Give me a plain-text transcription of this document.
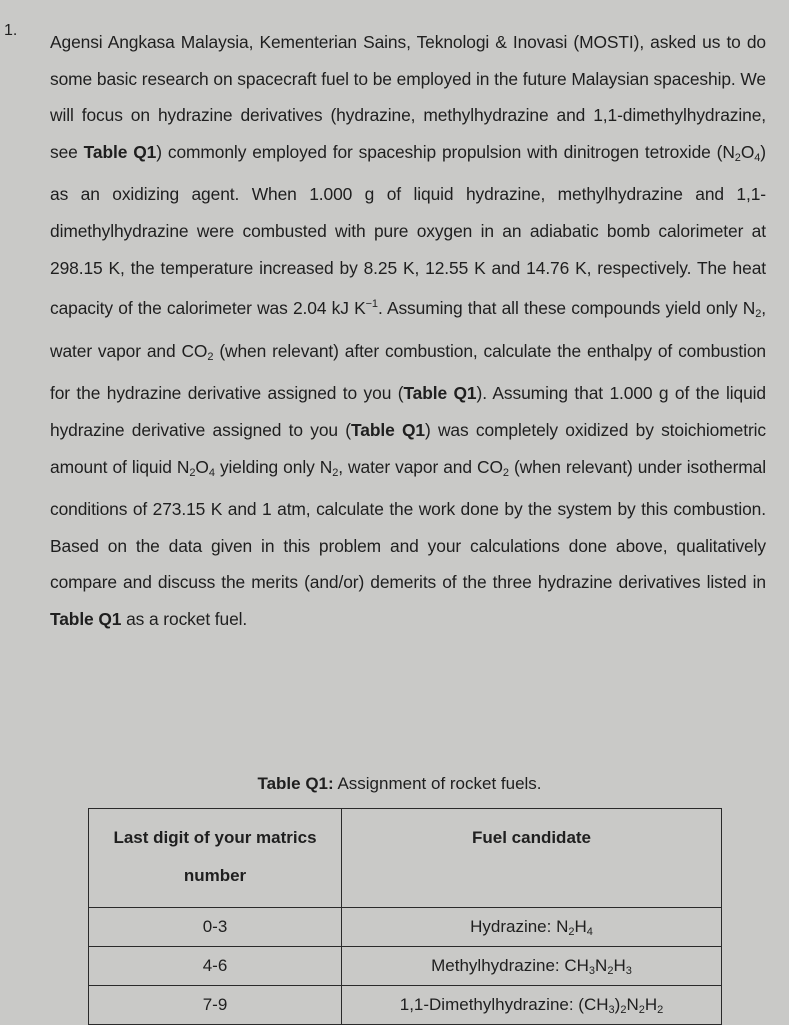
1.
Agensi Angkasa Malaysia, Kementerian Sains, Teknologi & Inovasi (MOSTI), asked us to do some basic research on spacecraft fuel to be employed in the future Malaysian spaceship. We will focus on hydrazine derivatives (hydrazine, methylhydrazine and 1,1-dimethylhydrazine, see Table Q1) commonly employed for spaceship propulsion with dinitrogen tetroxide $(N_2O_4)$ as an oxidizing agent. When 1.000 g of liquid hydrazine, methylhydrazine and 1,1-dimethylhydrazine were combusted with pure oxygen in an adiabatic bomb calorimeter at 298.15 K, the temperature increased by 8.25 K, 12.55 K and 14.76 K, respectively. The heat capacity of the calorimeter was 2.04 kJ $K^{-1}$. Assuming that all these compounds yield only $N_2$, water vapor and $CO_2$ (when relevant) after combustion, calculate the enthalpy of combustion for the hydrazine derivative assigned to you (Table Q1). Assuming that 1.000 g of the liquid hydrazine derivative assigned to you (Table Q1) was completely oxidized by stoichiometric amount of liquid $N_2O_4$ yielding only $N_2$, water vapor and $CO_2$ (when relevant) under isothermal conditions of 273.15 K and 1 atm, calculate the work done by the system by this combustion. Based on the data given in this problem and your calculations done above, qualitatively compare and discuss the merits (and/or) demerits of the three hydrazine derivatives listed in Table Q1 as a rocket fuel.
Table Q1: Assignment of rocket fuels.
Last digit of your matrics number	Fuel candidate
0-3	Hydrazine: $N_2H_4$
4-6	Methylhydrazine: $CH_3N_2H_3$
7-9	1,1-Dimethylhydrazine: $(CH_3)_2N_2H_2$
